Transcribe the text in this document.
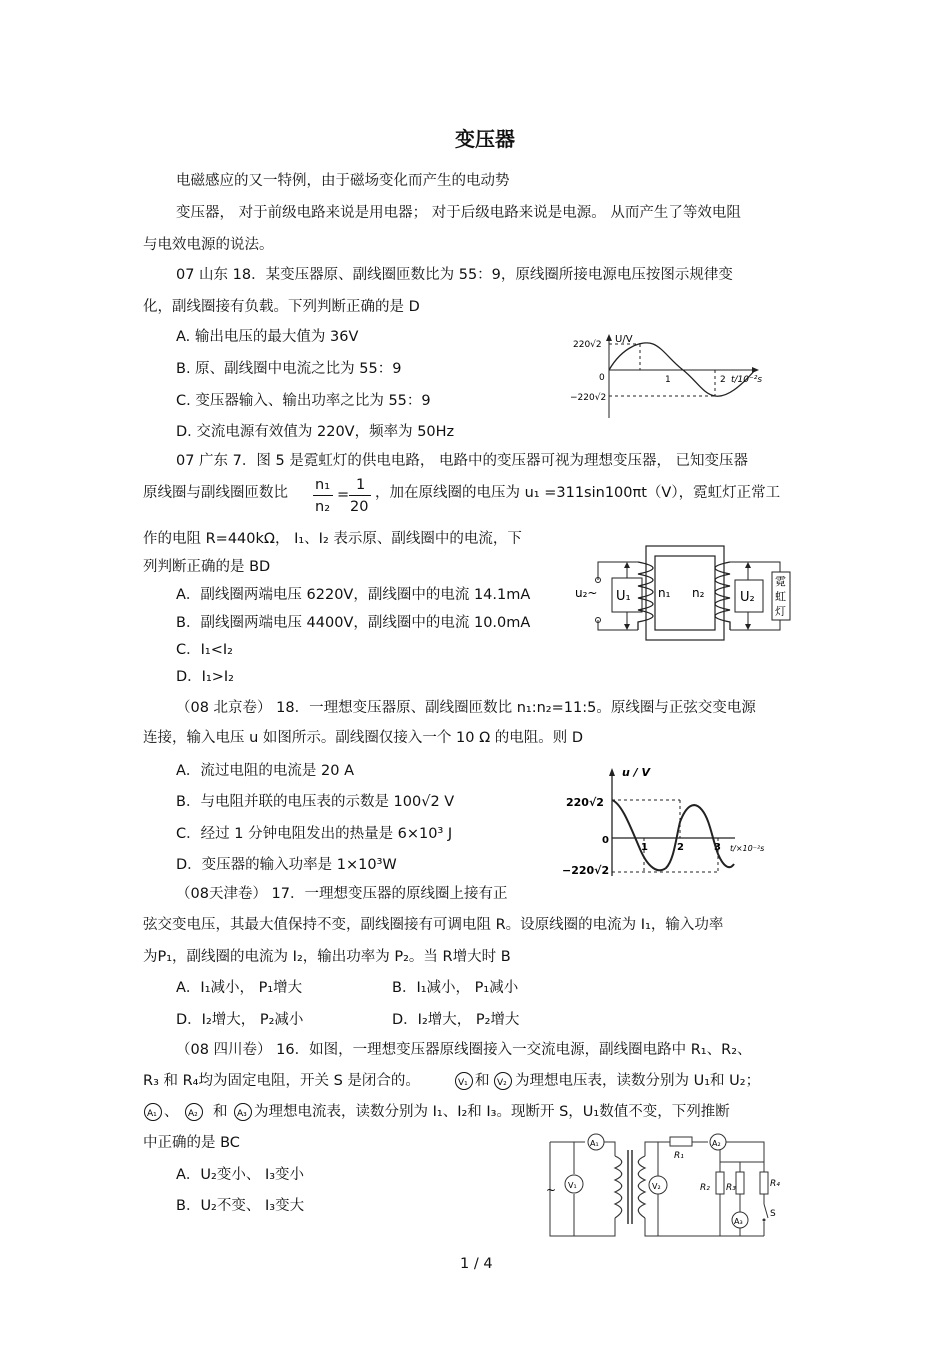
变压器
电磁感应的又一特例，由于磁场变化而产生的电动势
变压器， 对于前级电路来说是用电器； 对于后级电路来说是电源。 从而产生了等效电阻
与电效电源的说法。
07 山东 18．某变压器原、副线圈匝数比为 55：9，原线圈所接电源电压按图示规律变
化，副线圈接有负载。下列判断正确的是 D
A. 输出电压的最大值为 36V
B. 原、副线圈中电流之比为 55：9
C. 变压器输入、输出功率之比为 55：9
D. 交流电源有效值为 220V，频率为 50Hz
U/V
220√2
−220√2
0	1	2 t/10⁻²s
07 广东 7．图 5 是霓虹灯的供电电路， 电路中的变压器可视为理想变压器， 已知变压器
原线圈与副线圈匝数比 n₁
n₂
=
1
20
，加在原线圈的电压为 u₁ =311sin100πt（V），霓虹灯正常工
作的电阻 R=440kΩ， I₁、I₂ 表示原、副线圈中的电流，下
列判断正确的是 BD
A．副线圈两端电压 6220V，副线圈中的电流 14.1mA
B．副线圈两端电压 4400V，副线圈中的电流 10.0mA
C．I₁<I₂
D．I₁>I₂
u₂~ U₁ n₁ n₂	U₂
霓
虹
灯
（08 北京卷） 18．一理想变压器原、副线圈匝数比 n₁:n₂=11:5。原线圈与正弦交变电源
连接，输入电压 u 如图所示。副线圈仅接入一个 10 Ω 的电阻。则 D
A．流过电阻的电流是 20 A
B．与电阻并联的电压表的示数是 100√2 V
C．经过 1 分钟电阻发出的热量是 6×10³ J
D．变压器的输入功率是 1×10³W
u / V
220√2
−220√2
0
1	2	3 t/×10⁻²s
（08天津卷） 17．一理想变压器的原线圈上接有正
弦交变电压，其最大值保持不变，副线圈接有可调电阻 R。设原线圈的电流为 I₁，输入功率
为P₁，副线圈的电流为 I₂，输出功率为 P₂。当 R增大时 B
A．I₁减小， P₁增大	B．I₁减小， P₁减小
D．I₂增大， P₂减小	D．I₂增大， P₂增大
（08 四川卷） 16．如图，一理想变压器原线圈接入一交流电源，副线圈电路中 R₁、R₂、
R₃ 和 R₄均为固定电阻，开关 S 是闭合的。	V₁ 和 V₂ 为理想电压表，读数分别为 U₁和 U₂；
A₁ 、 A₂ 和 A₃ 为理想电流表，读数分别为 I₁、I₂和 I₃。现断开 S，U₁数值不变，下列推断
中正确的是 BC
A．U₂变小、 I₃变小
B．U₂不变、 I₃变大
A₁
~ V₁	V₂
R₁
A₂
R₂ R₃	R₄
A₃
S
1 / 4
